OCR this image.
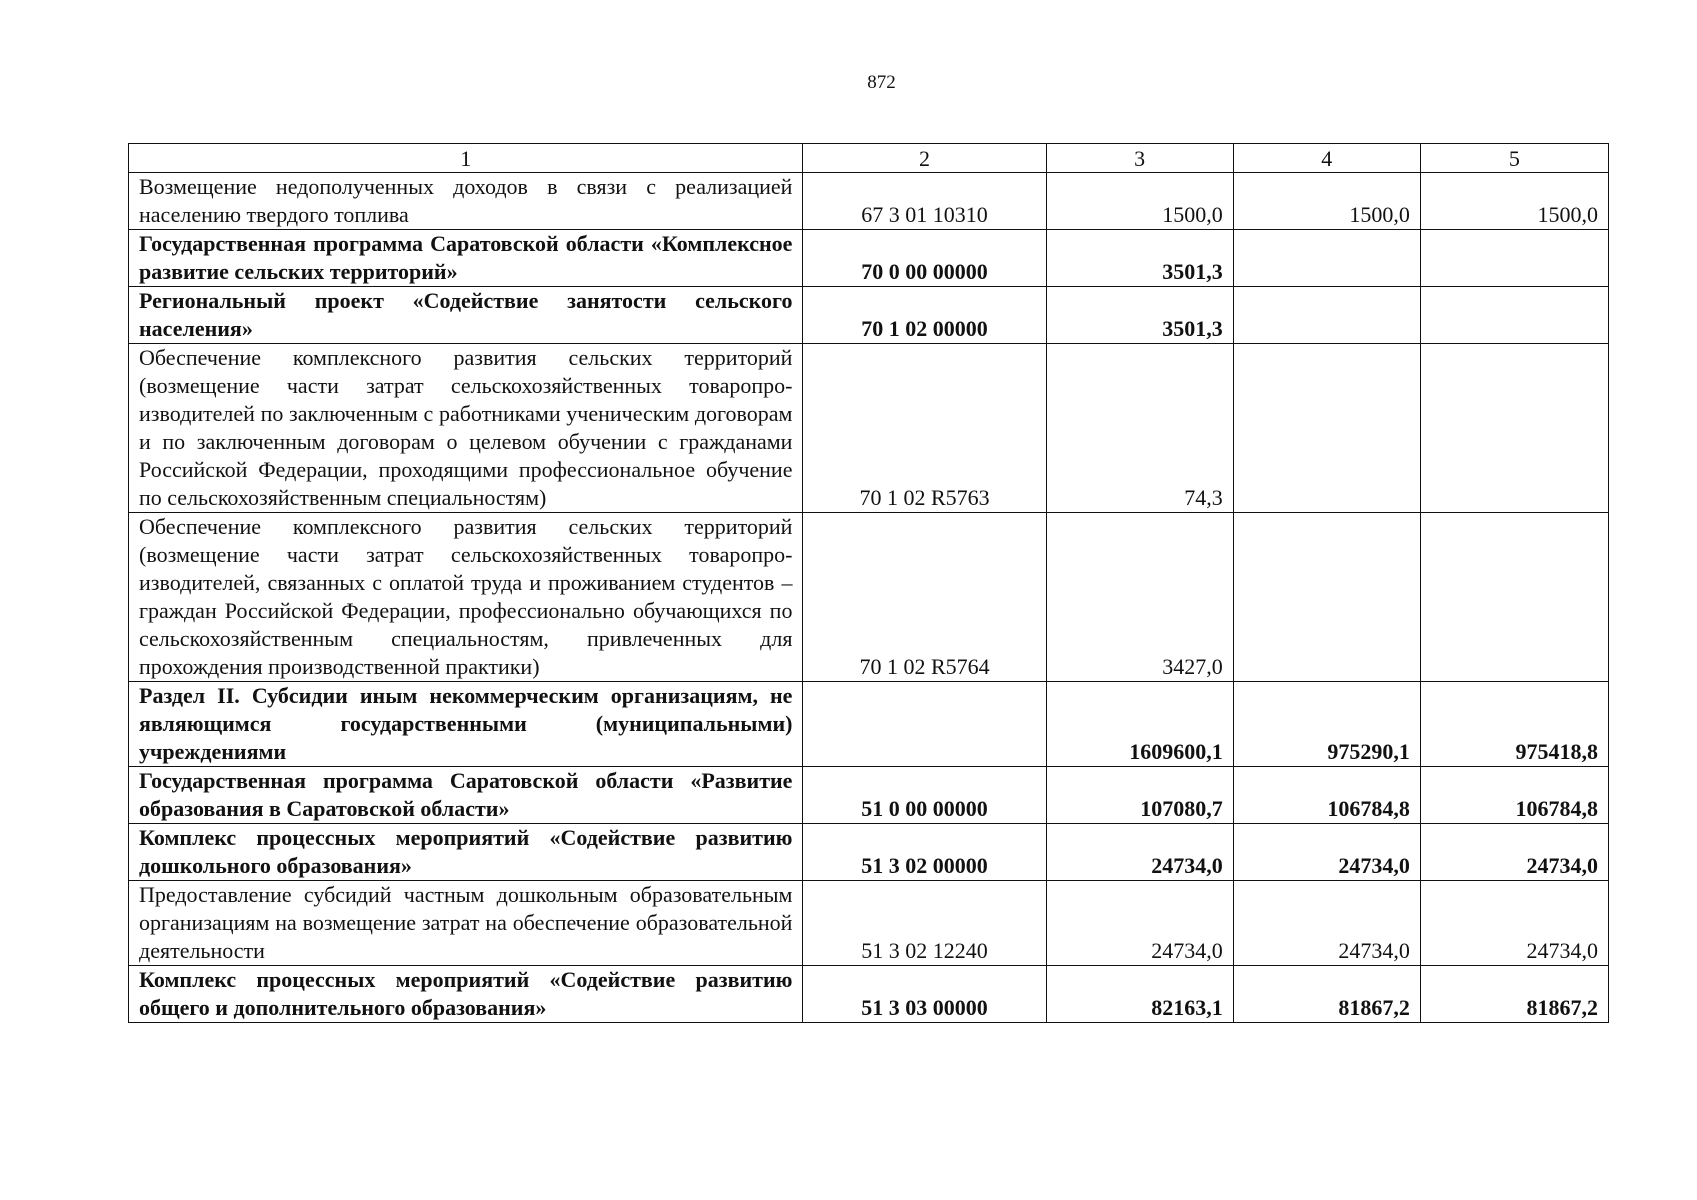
872
1	2	3	4	5

Возмещение недополученных доходов в связи с реализацией населению твердого топлива	67 3 01 10310	1500,0	1500,0	1500,0

Государственная программа Саратовской области «Комплексное развитие сельских территорий»	70 0 00 00000	3501,3		

Региональный проект «Содействие занятости сельского населения»	70 1 02 00000	3501,3		

Обеспечение комплексного развития сельских территорий (возмещение части затрат сельскохозяйственных товаропроизводителей по заключенным с работниками ученическим договорам и по заключенным договорам о целевом обучении с гражданами Российской Федерации, проходящими профессиональное обучение по сельскохозяйственным специальностям)	70 1 02 R5763	74,3		

Обеспечение комплексного развития сельских территорий (возмещение части затрат сельскохозяйственных товаропроизводителей, связанных с оплатой труда и проживанием студентов – граждан Российской Федерации, профессионально обучающихся по сельскохозяйственным специальностям, привлеченных для прохождения производственной практики)	70 1 02 R5764	3427,0		

Раздел II. Субсидии иным некоммерческим организациям, не являющимся государственными (муниципальными) учреждениями		1609600,1	975290,1	975418,8

Государственная программа Саратовской области «Развитие образования в Саратовской области»	51 0 00 00000	107080,7	106784,8	106784,8

Комплекс процессных мероприятий «Содействие развитию дошкольного образования»	51 3 02 00000	24734,0	24734,0	24734,0

Предоставление субсидий частным дошкольным образовательным организациям на возмещение затрат на обеспечение образовательной деятельности	51 3 02 12240	24734,0	24734,0	24734,0

Комплекс процессных мероприятий «Содействие развитию общего и дополнительного образования»	51 3 03 00000	82163,1	81867,2	81867,2
